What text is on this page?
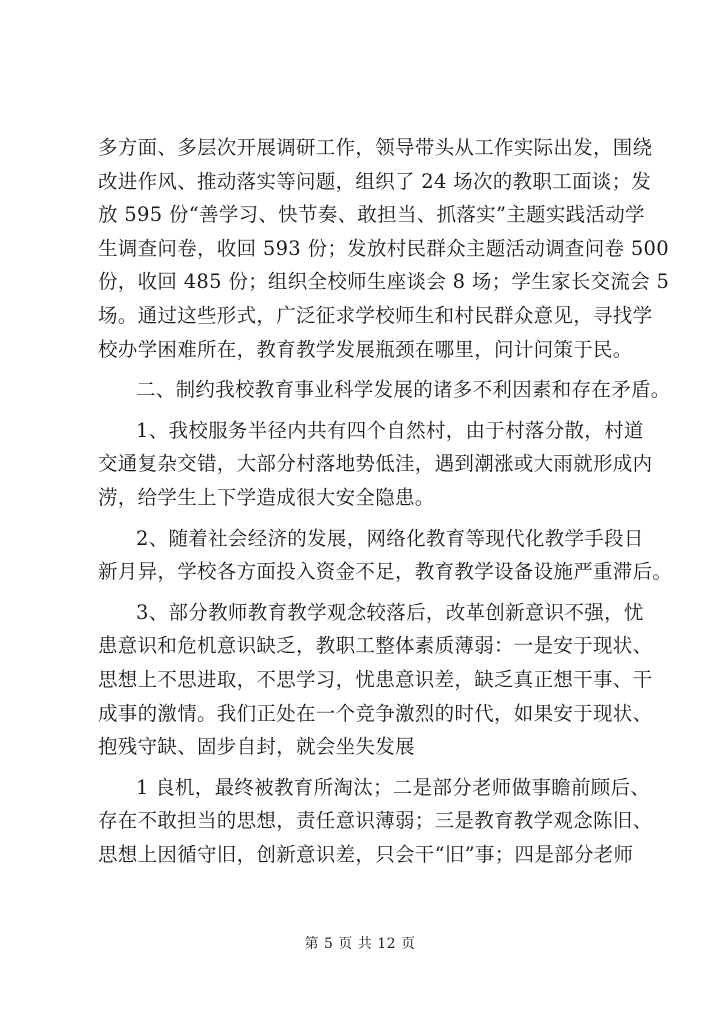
多方面、多层次开展调研工作，领导带头从工作实际出发，围绕
改进作风、推动落实等问题，组织了 24 场次的教职工面谈；发
放 595 份“善学习、快节奏、敢担当、抓落实”主题实践活动学
生调查问卷，收回 593 份；发放村民群众主题活动调查问卷 500
份，收回 485 份；组织全校师生座谈会 8 场；学生家长交流会 5
场。通过这些形式，广泛征求学校师生和村民群众意见，寻找学
校办学困难所在，教育教学发展瓶颈在哪里，问计问策于民。
二、制约我校教育事业科学发展的诸多不利因素和存在矛盾。
1、我校服务半径内共有四个自然村，由于村落分散，村道
交通复杂交错，大部分村落地势低洼，遇到潮涨或大雨就形成内
涝，给学生上下学造成很大安全隐患。
2、随着社会经济的发展，网络化教育等现代化教学手段日
新月异，学校各方面投入资金不足，教育教学设备设施严重滞后。
3、部分教师教育教学观念较落后，改革创新意识不强，忧
患意识和危机意识缺乏，教职工整体素质薄弱：一是安于现状、
思想上不思进取，不思学习，忧患意识差，缺乏真正想干事、干
成事的激情。我们正处在一个竞争激烈的时代，如果安于现状、
抱残守缺、固步自封，就会坐失发展
1 良机，最终被教育所淘汰；二是部分老师做事瞻前顾后、
存在不敢担当的思想，责任意识薄弱；三是教育教学观念陈旧、
思想上因循守旧，创新意识差，只会干“旧”事；四是部分老师
第 5 页 共 12 页
